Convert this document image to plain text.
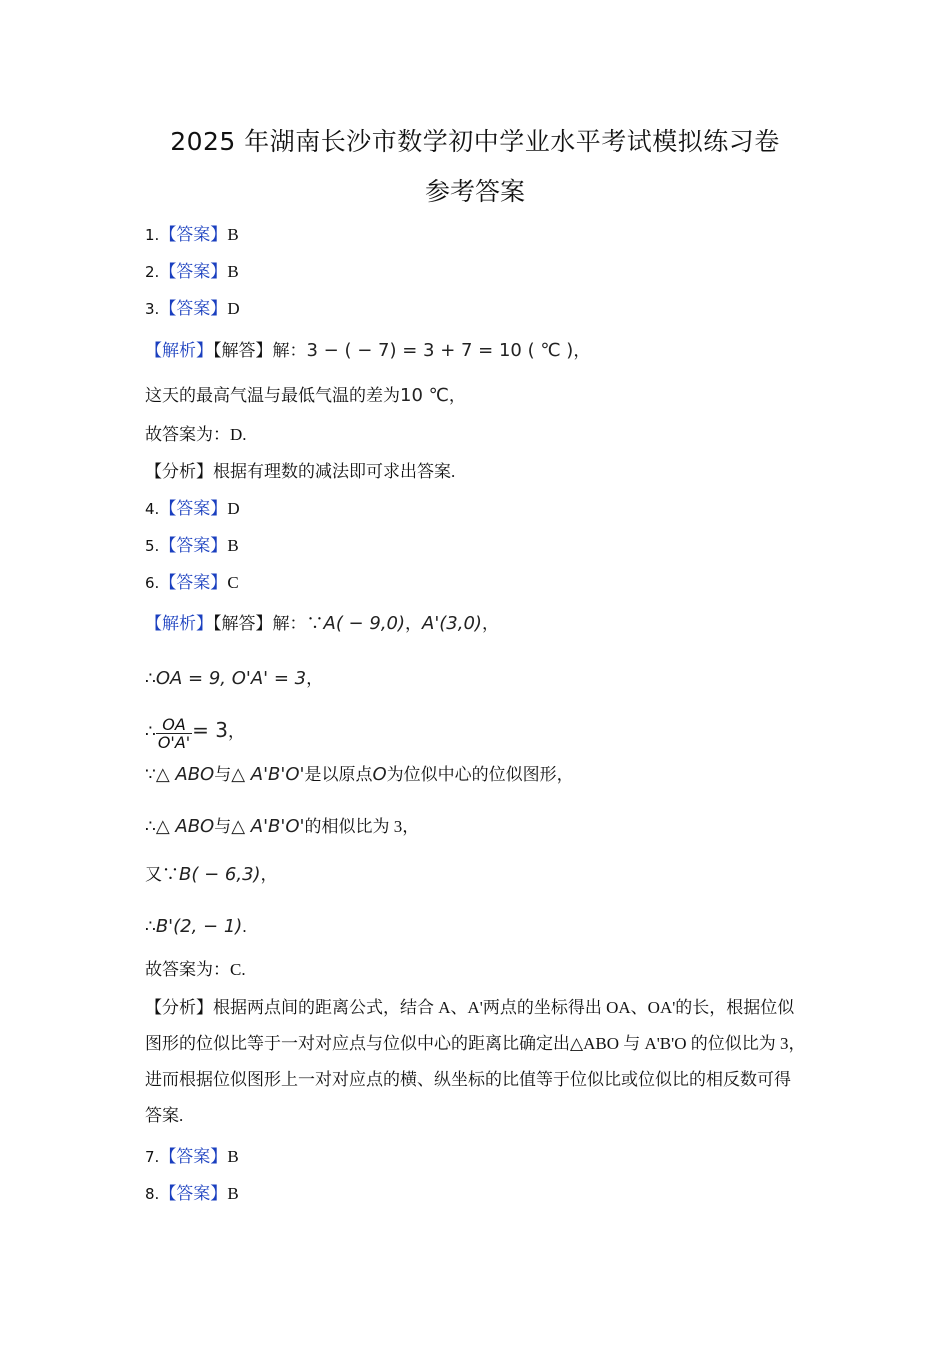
2025 年湖南长沙市数学初中学业水平考试模拟练习卷
参考答案
1.【答案】B
2.【答案】B
3.【答案】D
【解析】【解答】解：3 − ( − 7) = 3 + 7 = 10 ( ℃ )，
这天的最高气温与最低气温的差为10 ℃，
故答案为：D.
【分析】根据有理数的减法即可求出答案.
4.【答案】D
5.【答案】B
6.【答案】C
【解析】【解答】解：∵A( − 9,0)，A'(3,0)，
∴OA = 9, O'A' = 3，
∴ $\frac{OA}{O'A'} = 3$，
∵△ ABO与△ A'B'O'是以原点O为位似中心的位似图形，
∴△ ABO与△ A'B'O'的相似比为 3，
又∵B( − 6,3)，
∴B'(2, − 1).
故答案为：C.
【分析】根据两点间的距离公式，结合 A、A'两点的坐标得出 OA、OA'的长，根据位似
图形的位似比等于一对对应点与位似中心的距离比确定出△ABO 与 A'B'O 的位似比为 3，
进而根据位似图形上一对对应点的横、纵坐标的比值等于位似比或位似比的相反数可得
答案.
7.【答案】B
8.【答案】B
